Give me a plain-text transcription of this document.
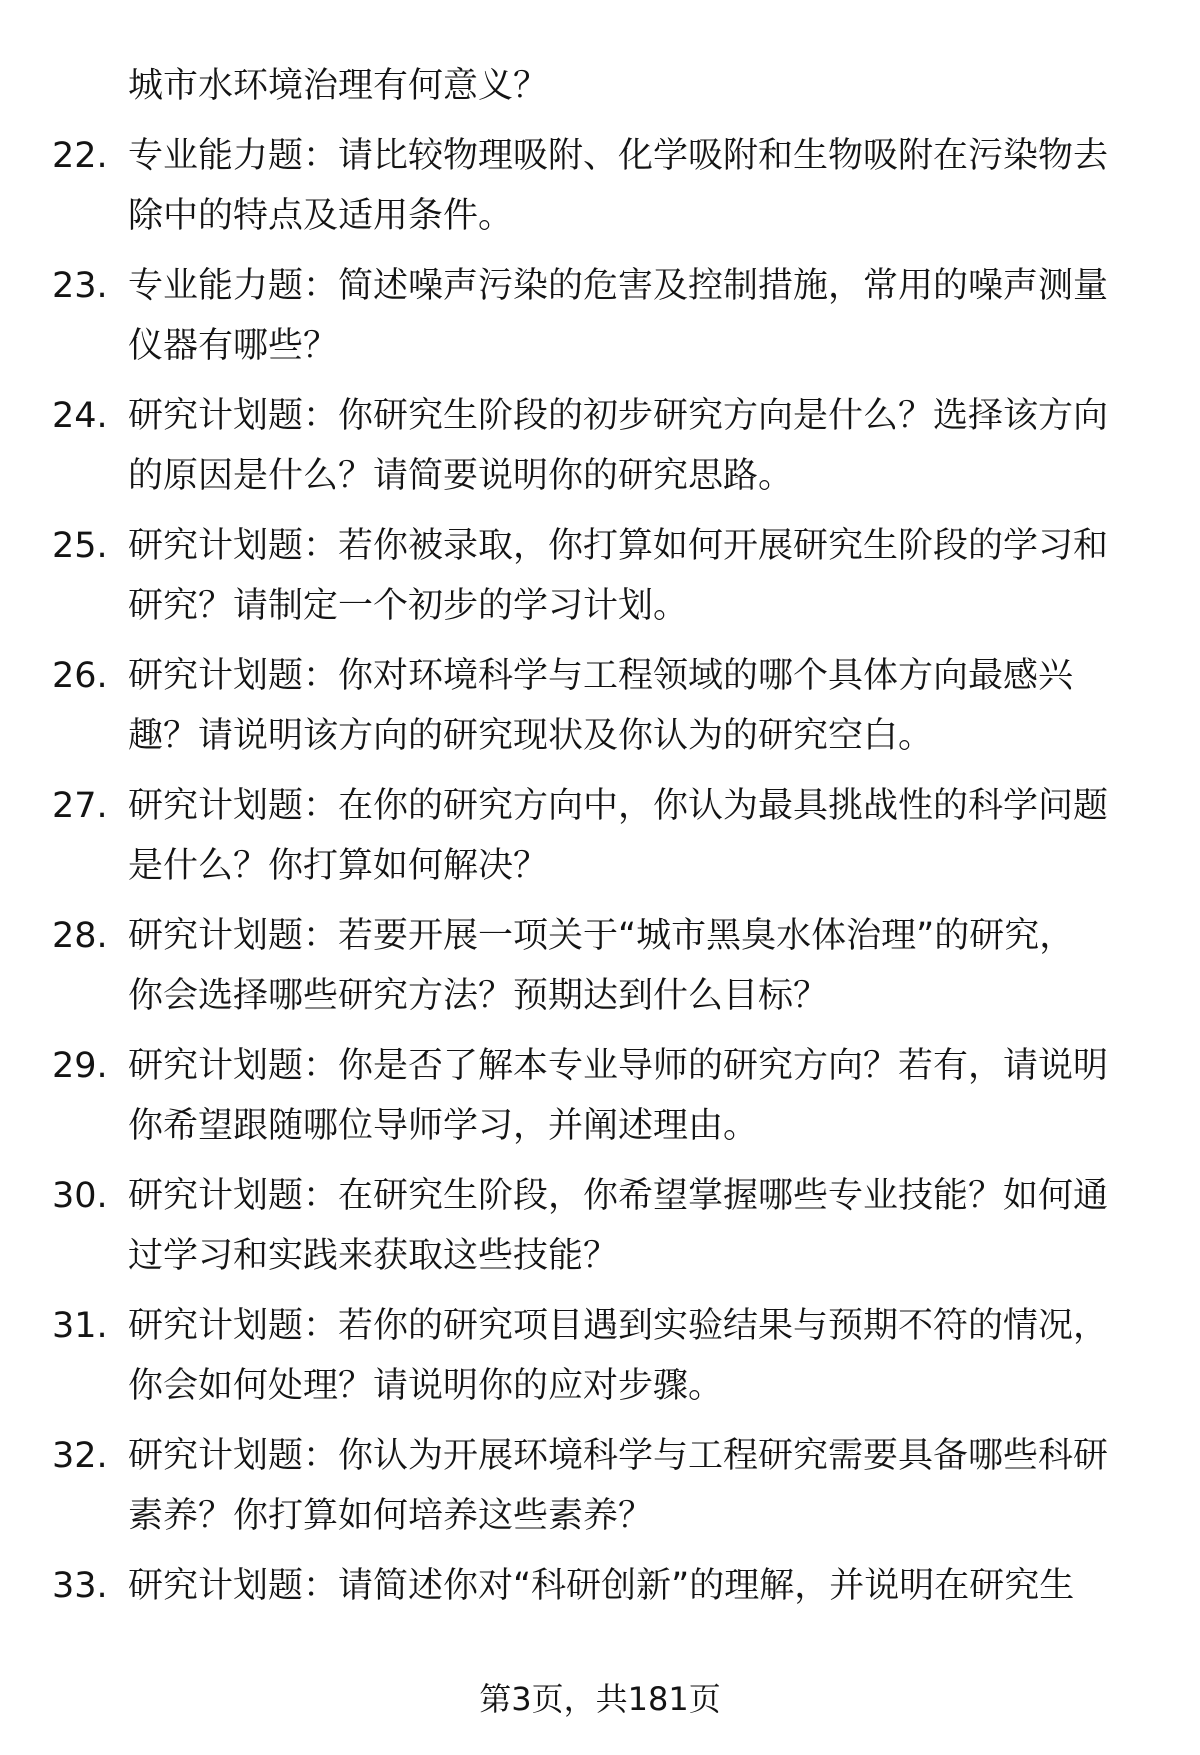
城市水环境治理有何意义？
22. 专业能力题：请比较物理吸附、化学吸附和生物吸附在污染物去
除中的特点及适用条件。
23. 专业能力题：简述噪声污染的危害及控制措施，常用的噪声测量
仪器有哪些？
24. 研究计划题：你研究生阶段的初步研究方向是什么？选择该方向
的原因是什么？请简要说明你的研究思路。
25. 研究计划题：若你被录取，你打算如何开展研究生阶段的学习和
研究？请制定一个初步的学习计划。
26. 研究计划题：你对环境科学与工程领域的哪个具体方向最感兴
趣？请说明该方向的研究现状及你认为的研究空白。
27. 研究计划题：在你的研究方向中，你认为最具挑战性的科学问题
是什么？你打算如何解决？
28. 研究计划题：若要开展一项关于“城市黑臭水体治理”的研究，
你会选择哪些研究方法？预期达到什么目标？
29. 研究计划题：你是否了解本专业导师的研究方向？若有，请说明
你希望跟随哪位导师学习，并阐述理由。
30. 研究计划题：在研究生阶段，你希望掌握哪些专业技能？如何通
过学习和实践来获取这些技能？
31. 研究计划题：若你的研究项目遇到实验结果与预期不符的情况，
你会如何处理？请说明你的应对步骤。
32. 研究计划题：你认为开展环境科学与工程研究需要具备哪些科研
素养？你打算如何培养这些素养？
33. 研究计划题：请简述你对“科研创新”的理解，并说明在研究生
第3页，共181页
